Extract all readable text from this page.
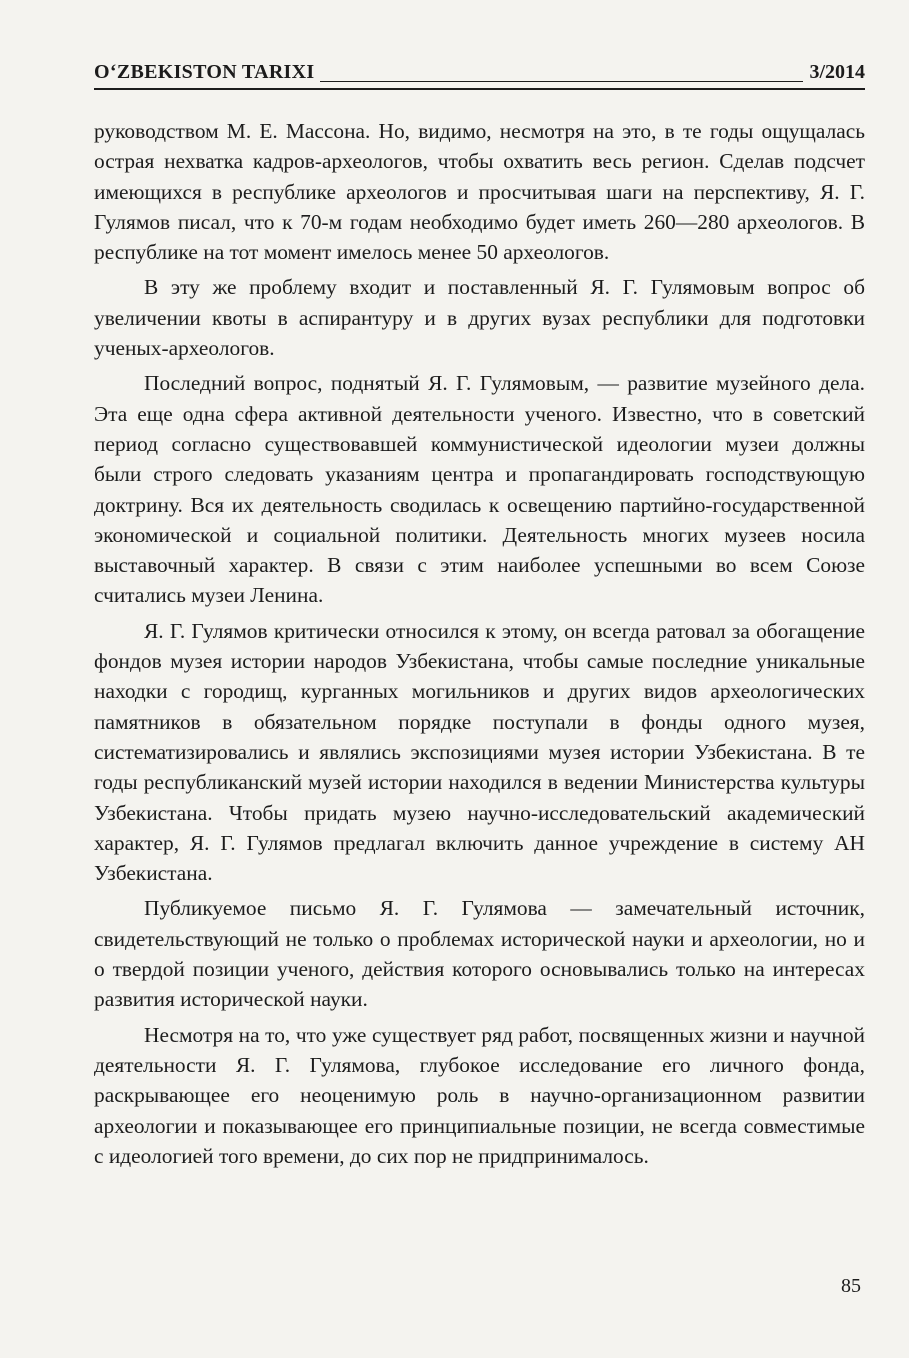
O‘ZBEKISTON TARIXI	3/2014

руководством М. Е. Массона. Но, видимо, несмотря на это, в те годы ощущалась острая нехватка кадров-археологов, чтобы охватить весь регион. Сделав подсчет имеющихся в республике археологов и просчитывая шаги на перспективу, Я. Г. Гулямов писал, что к 70-м годам необходимо будет иметь 260—280 археологов. В республике на тот момент имелось менее 50 археологов.

В эту же проблему входит и поставленный Я. Г. Гулямовым вопрос об увеличении квоты в аспирантуру и в других вузах республики для подготовки ученых-археологов.

Последний вопрос, поднятый Я. Г. Гулямовым, — развитие музейного дела. Эта еще одна сфера активной деятельности ученого. Известно, что в советский период согласно существовавшей коммунистической идеологии музеи должны были строго следовать указаниям центра и пропагандировать господствующую доктрину. Вся их деятельность сводилась к освещению партийно-государственной экономической и социальной политики. Деятельность многих музеев носила выставочный характер. В связи с этим наиболее успешными во всем Союзе считались музеи Ленина.

Я. Г. Гулямов критически относился к этому, он всегда ратовал за обогащение фондов музея истории народов Узбекистана, чтобы самые последние уникальные находки с городищ, курганных могильников и других видов археологических памятников в обязательном порядке поступали в фонды одного музея, систематизировались и являлись экспозициями музея истории Узбекистана. В те годы республиканский музей истории находился в ведении Министерства культуры Узбекистана. Чтобы придать музею научно-исследовательский академический характер, Я. Г. Гулямов предлагал включить данное учреждение в систему АН Узбекистана.

Публикуемое письмо Я. Г. Гулямова — замечательный источник, свидетельствующий не только о проблемах исторической науки и археологии, но и о твердой позиции ученого, действия которого основывались только на интересах развития исторической науки.

Несмотря на то, что уже существует ряд работ, посвященных жизни и научной деятельности Я. Г. Гулямова, глубокое исследование его личного фонда, раскрывающее его неоценимую роль в научно-организационном развитии археологии и показывающее его принципиальные позиции, не всегда совместимые с идеологией того времени, до сих пор не придпринималось.

85
